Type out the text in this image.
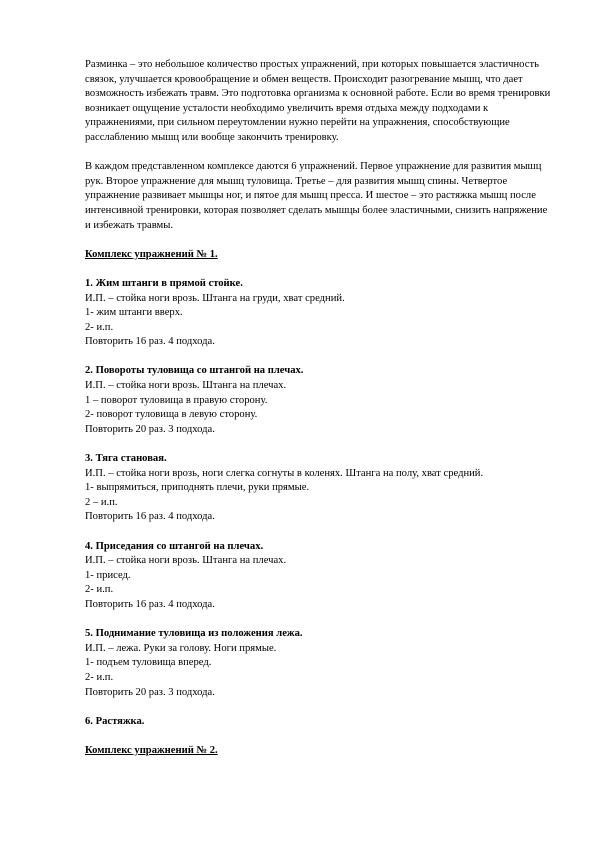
Разминка – это небольшое количество простых упражнений, при которых повышается эластичность связок, улучшается кровообращение и обмен веществ. Происходит разогревание мышц, что дает возможность избежать травм. Это подготовка организма к основной работе. Если во время тренировки возникает ощущение усталости необходимо увеличить время отдыха между подходами к упражнениями, при сильном переутомлении нужно перейти на упражнения, способствующие расслаблению мышц или вообще закончить тренировку.

В каждом представленном комплексе даются 6 упражнений. Первое упражнение для развития мышц рук. Второе упражнение для мышц туловища. Третье – для развития мышц спины. Четвертое упражнение развивает мышцы ног, и пятое для мышц пресса. И шестое – это растяжка мышц после интенсивной тренировки, которая позволяет сделать мышцы более эластичными, снизить напряжение и избежать травмы.

Комплекс упражнений № 1.

1. Жим штанги в прямой стойке.

И.П. – стойка ноги врозь. Штанга на груди, хват средний.

1- жим штанги вверх.

2- и.п.

Повторить 16 раз. 4 подхода.

2. Повороты туловища со штангой на плечах.

И.П. – стойка ноги врозь. Штанга на плечах.

1 – поворот туловища в правую сторону.

2- поворот туловища в левую сторону.

Повторить 20 раз. 3 подхода.

3. Тяга становая.

И.П. – стойка ноги врозь, ноги слегка согнуты в коленях. Штанга на полу, хват средний.

1- выпрямиться, приподнять плечи, руки прямые.

2 – и.п.

Повторить 16 раз. 4 подхода.

4. Приседания со штангой на плечах.

И.П. – стойка ноги врозь. Штанга на плечах.

1- присед.

2- и.п.

Повторить 16 раз. 4 подхода.

5. Поднимание туловища из положения лежа.

И.П. – лежа. Руки за голову. Ноги прямые.

1- подъем туловища вперед.

2- и.п.

Повторить 20 раз. 3 подхода.

6. Растяжка.

Комплекс упражнений № 2.
